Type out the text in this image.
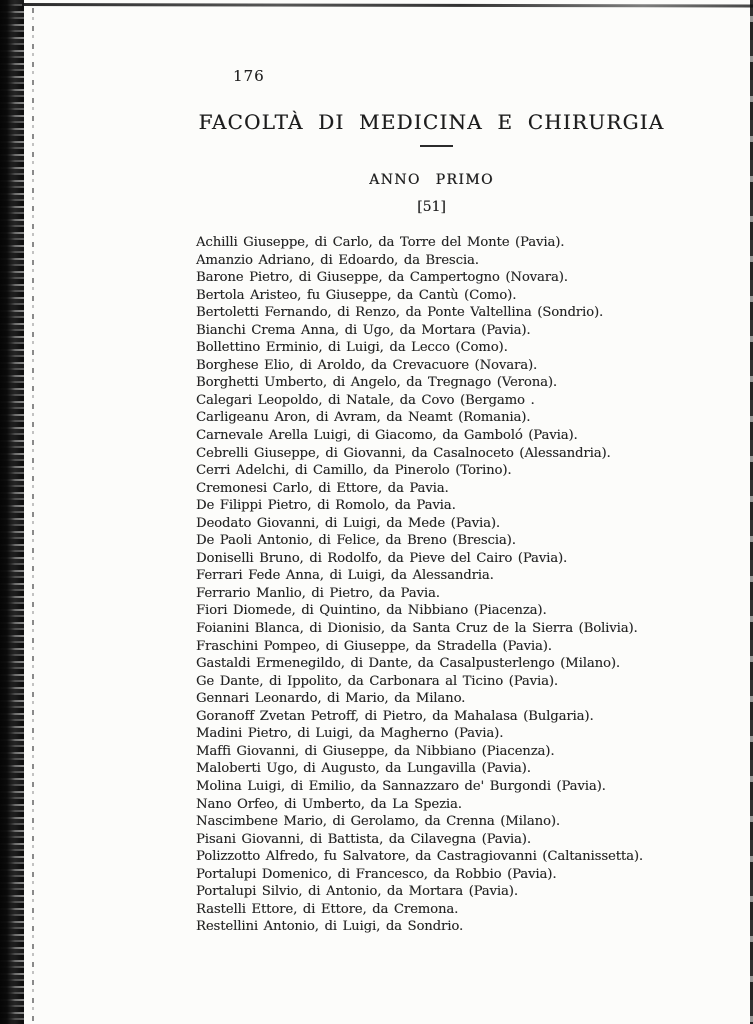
176
FACOLTÀ DI MEDICINA E CHIRURGIA
ANNO PRIMO
[51]
Achilli Giuseppe, di Carlo, da Torre del Monte (Pavia).
Amanzio Adriano, di Edoardo, da Brescia.
Barone Pietro, di Giuseppe, da Campertogno (Novara).
Bertola Aristeo, fu Giuseppe, da Cantù (Como).
Bertoletti Fernando, di Renzo, da Ponte Valtellina (Sondrio).
Bianchi Crema Anna, di Ugo, da Mortara (Pavia).
Bollettino Erminio, di Luigi, da Lecco (Como).
Borghese Elio, di Aroldo, da Crevacuore (Novara).
Borghetti Umberto, di Angelo, da Tregnago (Verona).
Calegari Leopoldo, di Natale, da Covo (Bergamo .
Carligeanu Aron, di Avram, da Neamt (Romania).
Carnevale Arella Luigi, di Giacomo, da Gamboló (Pavia).
Cebrelli Giuseppe, di Giovanni, da Casalnoceto (Alessandria).
Cerri Adelchi, di Camillo, da Pinerolo (Torino).
Cremonesi Carlo, di Ettore, da Pavia.
De Filippi Pietro, di Romolo, da Pavia.
Deodato Giovanni, di Luigi, da Mede (Pavia).
De Paoli Antonio, di Felice, da Breno (Brescia).
Doniselli Bruno, di Rodolfo, da Pieve del Cairo (Pavia).
Ferrari Fede Anna, di Luigi, da Alessandria.
Ferrario Manlio, di Pietro, da Pavia.
Fiori Diomede, di Quintino, da Nibbiano (Piacenza).
Foianini Blanca, di Dionisio, da Santa Cruz de la Sierra (Bolivia).
Fraschini Pompeo, di Giuseppe, da Stradella (Pavia).
Gastaldi Ermenegildo, di Dante, da Casalpusterlengo (Milano).
Ge Dante, di Ippolito, da Carbonara al Ticino (Pavia).
Gennari Leonardo, di Mario, da Milano.
Goranoff Zvetan Petroff, di Pietro, da Mahalasa (Bulgaria).
Madini Pietro, di Luigi, da Magherno (Pavia).
Maffi Giovanni, di Giuseppe, da Nibbiano (Piacenza).
Maloberti Ugo, di Augusto, da Lungavilla (Pavia).
Molina Luigi, di Emilio, da Sannazzaro de' Burgondi (Pavia).
Nano Orfeo, di Umberto, da La Spezia.
Nascimbene Mario, di Gerolamo, da Crenna (Milano).
Pisani Giovanni, di Battista, da Cilavegna (Pavia).
Polizzotto Alfredo, fu Salvatore, da Castragiovanni (Caltanissetta).
Portalupi Domenico, di Francesco, da Robbio (Pavia).
Portalupi Silvio, di Antonio, da Mortara (Pavia).
Rastelli Ettore, di Ettore, da Cremona.
Restellini Antonio, di Luigi, da Sondrio.
